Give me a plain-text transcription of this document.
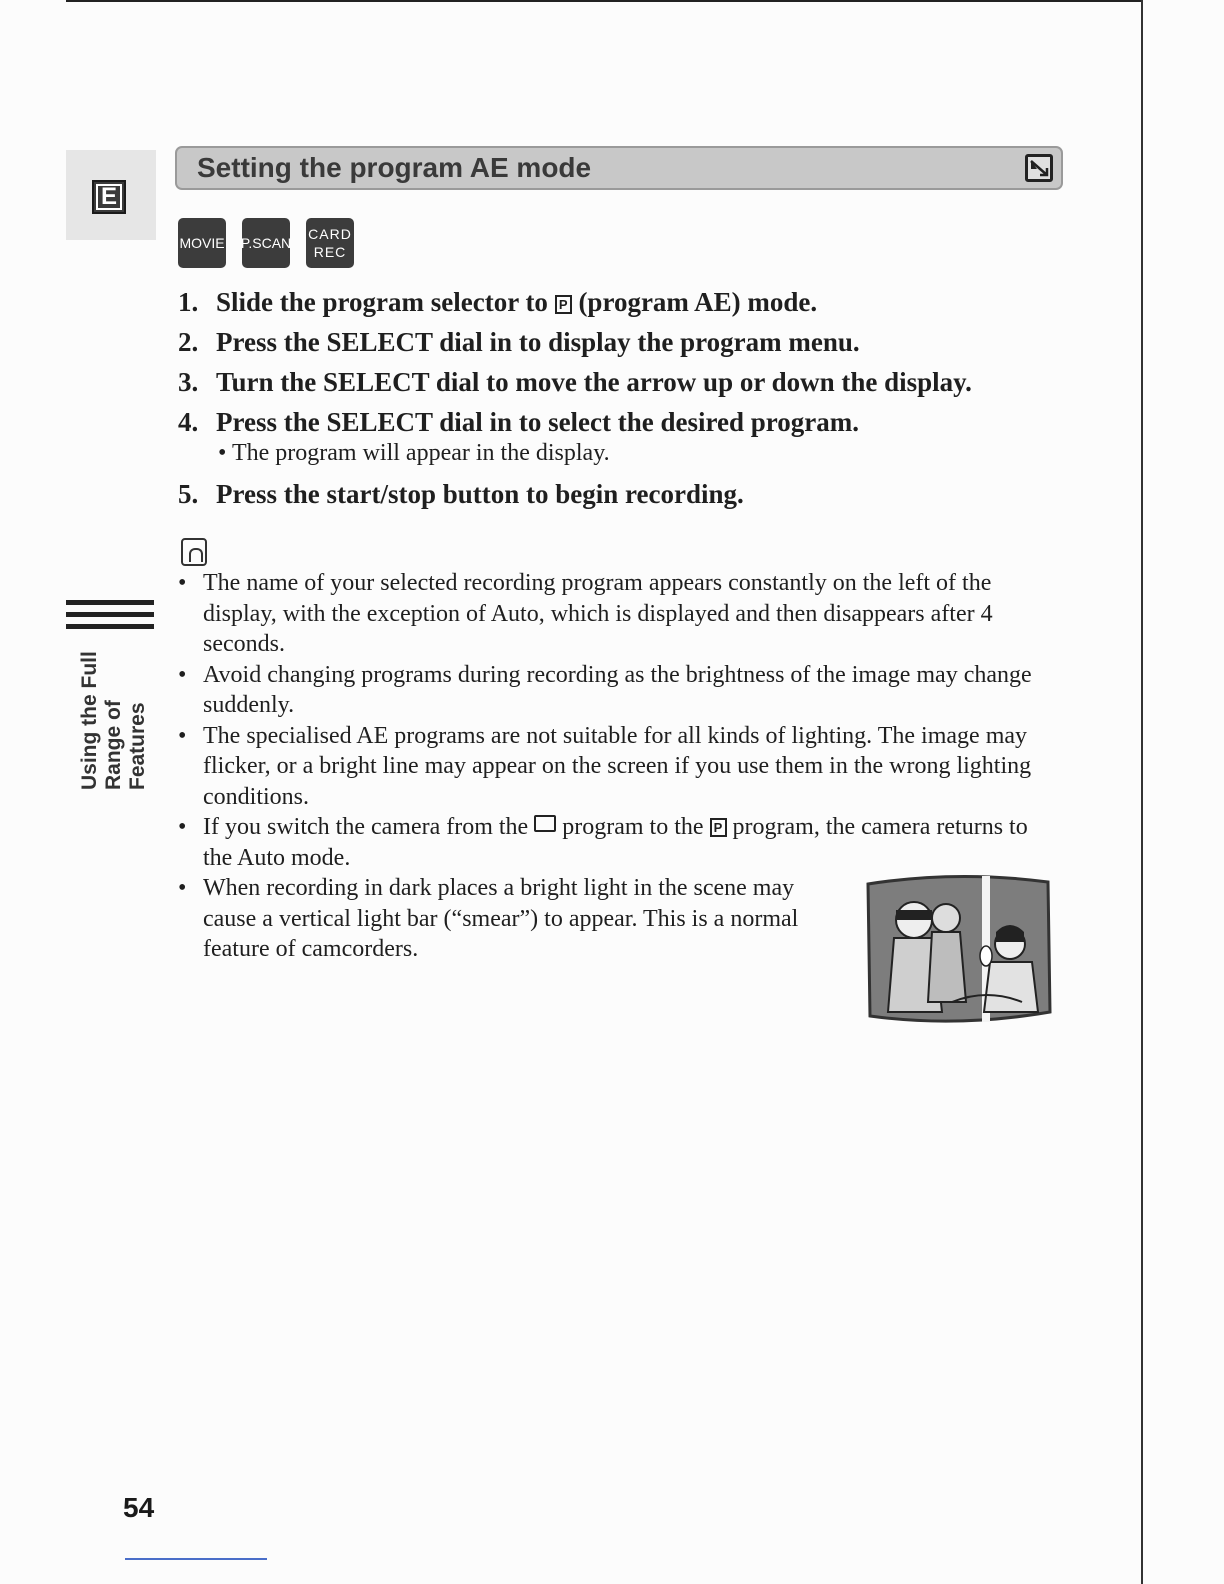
E
Setting the program AE mode
MOVIE P.SCAN
CARD
REC
1. Slide the program selector to P (program AE) mode.
2. Press the SELECT dial in to display the program menu.
3. Turn the SELECT dial to move the arrow up or down the display.
4. Press the SELECT dial in to select the desired program.
• The program will appear in the display.
5. Press the start/stop button to begin recording.
• The name of your selected recording program appears constantly on the left of the display, with the exception of Auto, which is displayed and then disappears after 4 seconds.
• Avoid changing programs during recording as the brightness of the image may change suddenly.
• The specialised AE programs are not suitable for all kinds of lighting. The image may flicker, or a bright line may appear on the screen if you use them in the wrong lighting conditions.
• If you switch the camera from the  program to the P program, the camera returns to the Auto mode.
• When recording in dark places a bright light in the scene may cause a vertical light bar (“smear”) to appear. This is a normal feature of camcorders.
Using the Full Range of Features
54
